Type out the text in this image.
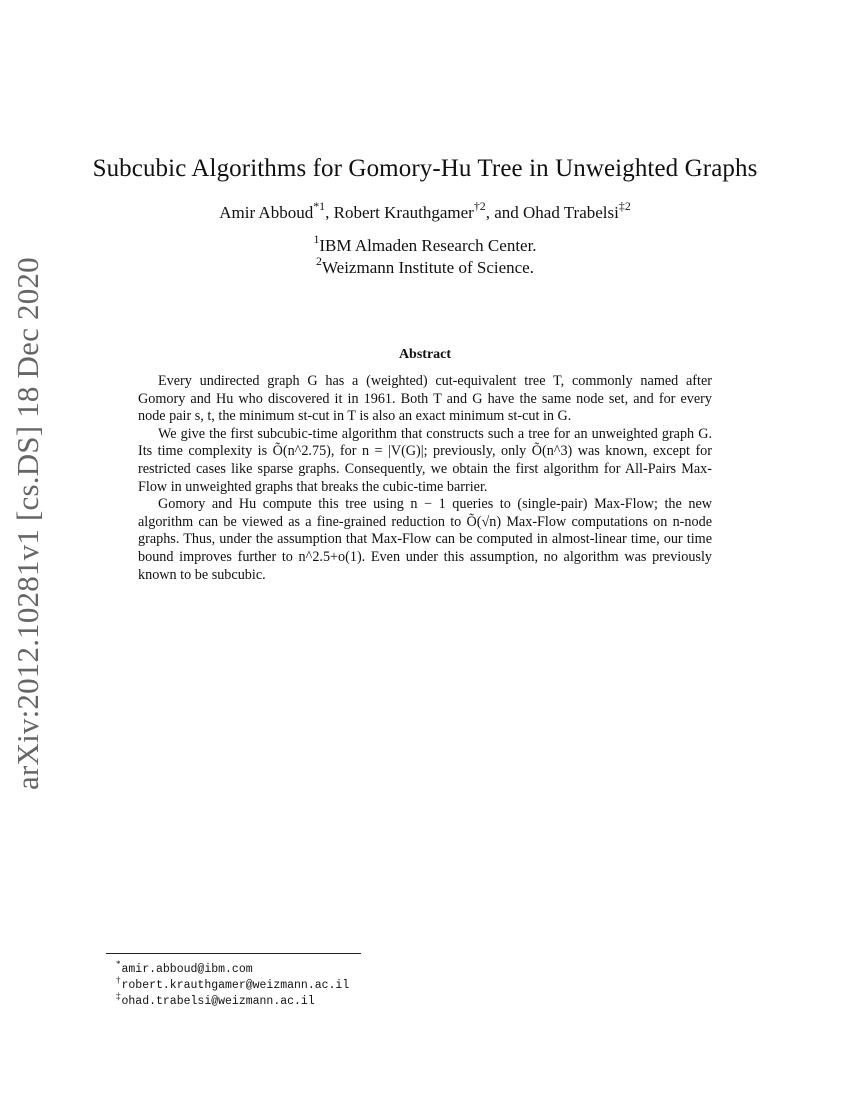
arXiv:2012.10281v1 [cs.DS] 18 Dec 2020
Subcubic Algorithms for Gomory-Hu Tree in Unweighted Graphs
Amir Abboud$^{*1}$, Robert Krauthgamer$^{\dagger 2}$, and Ohad Trabelsi$^{\ddagger 2}$
$^1$IBM Almaden Research Center.
$^2$Weizmann Institute of Science.
Abstract

Every undirected graph G has a (weighted) cut-equivalent tree T, commonly named after Gomory and Hu who discovered it in 1961. Both T and G have the same node set, and for every node pair s, t, the minimum st-cut in T is also an exact minimum st-cut in G.

We give the first subcubic-time algorithm that constructs such a tree for an unweighted graph G. Its time complexity is Õ(n^2.75), for n = |V(G)|; previously, only Õ(n^3) was known, except for restricted cases like sparse graphs. Consequently, we obtain the first algorithm for All-Pairs Max-Flow in unweighted graphs that breaks the cubic-time barrier.

Gomory and Hu compute this tree using n − 1 queries to (single-pair) Max-Flow; the new algorithm can be viewed as a fine-grained reduction to Õ(√n) Max-Flow computations on n-node graphs. Thus, under the assumption that Max-Flow can be computed in almost-linear time, our time bound improves further to n^2.5+o(1). Even under this assumption, no algorithm was previously known to be subcubic.

*amir.abboud@ibm.com
†robert.krauthgamer@weizmann.ac.il
‡ohad.trabelsi@weizmann.ac.il
